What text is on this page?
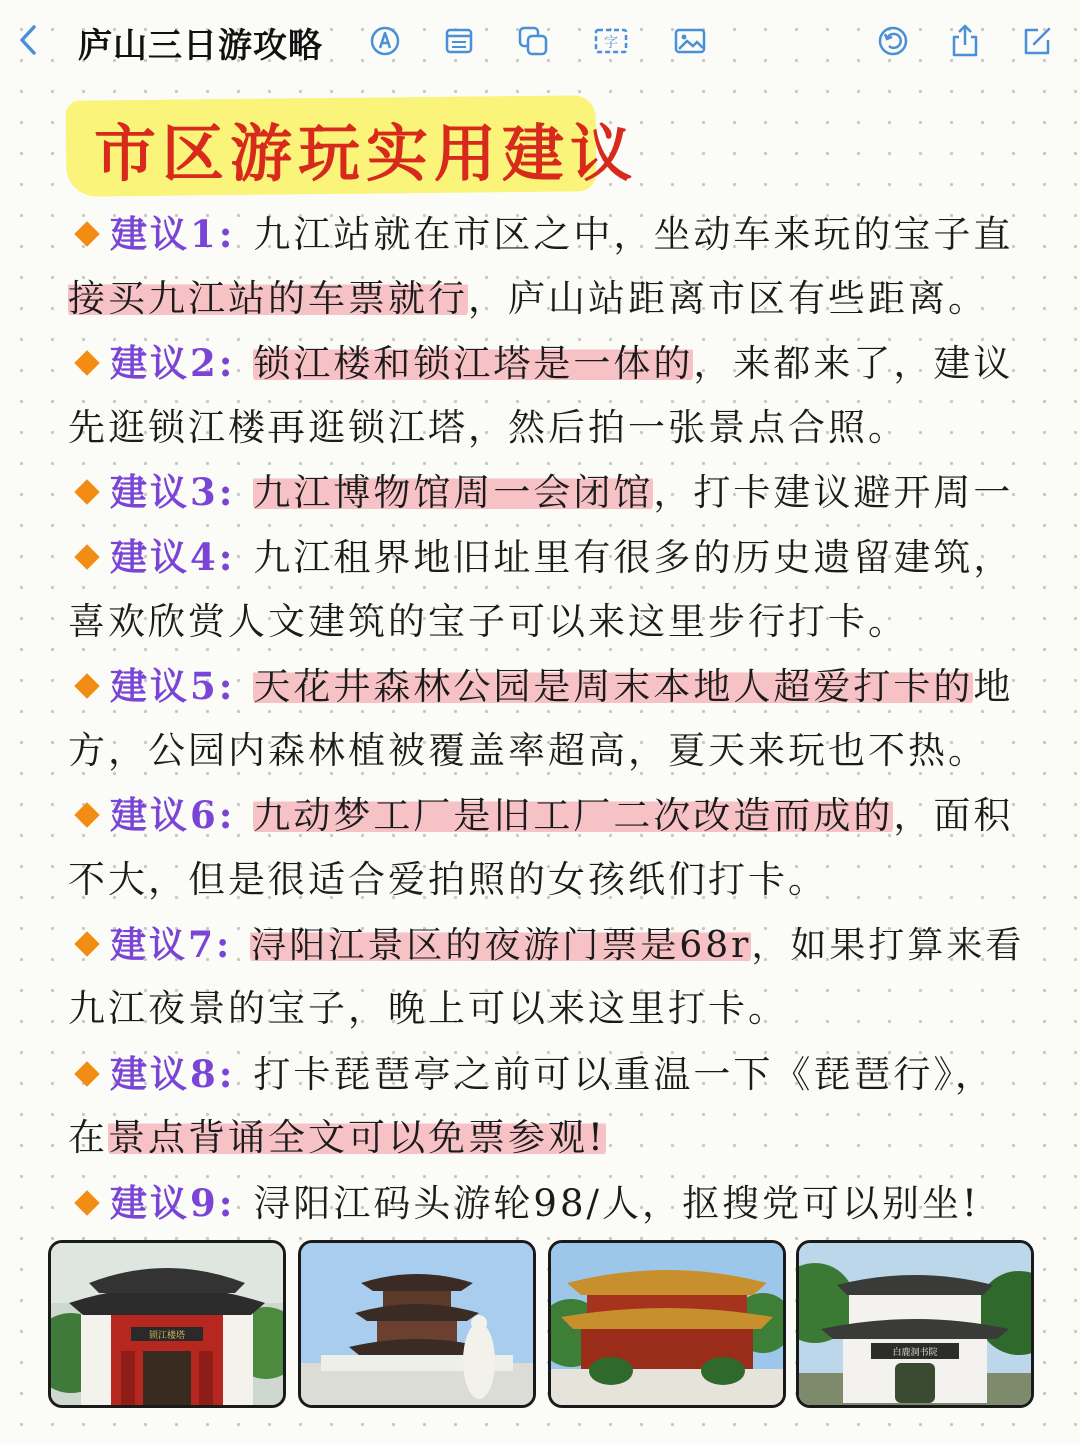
庐山三日游攻略	字
市区游玩实用建议
建议1: 九江站就在市区之中，坐动车来玩的宝子直
接买九江站的车票就行，庐山站距离市区有些距离。
建议2: 锁江楼和锁江塔是一体的，来都来了，建议
先逛锁江楼再逛锁江塔，然后拍一张景点合照。
建议3: 九江博物馆周一会闭馆，打卡建议避开周一
建议4: 九江租界地旧址里有很多的历史遗留建筑，
喜欢欣赏人文建筑的宝子可以来这里步行打卡。
建议5: 天花井森林公园是周末本地人超爱打卡的地
方，公园内森林植被覆盖率超高，夏天来玩也不热。
建议6: 九动梦工厂是旧工厂二次改造而成的，面积
不大，但是很适合爱拍照的女孩纸们打卡。
建议7: 浔阳江景区的夜游门票是68r，如果打算来看
九江夜景的宝子，晚上可以来这里打卡。
建议8: 打卡琵琶亭之前可以重温一下《琵琶行》，
在景点背诵全文可以免票参观!
建议9: 浔阳江码头游轮98/人，抠搜党可以别坐!
锁江楼塔
白鹿洞书院
